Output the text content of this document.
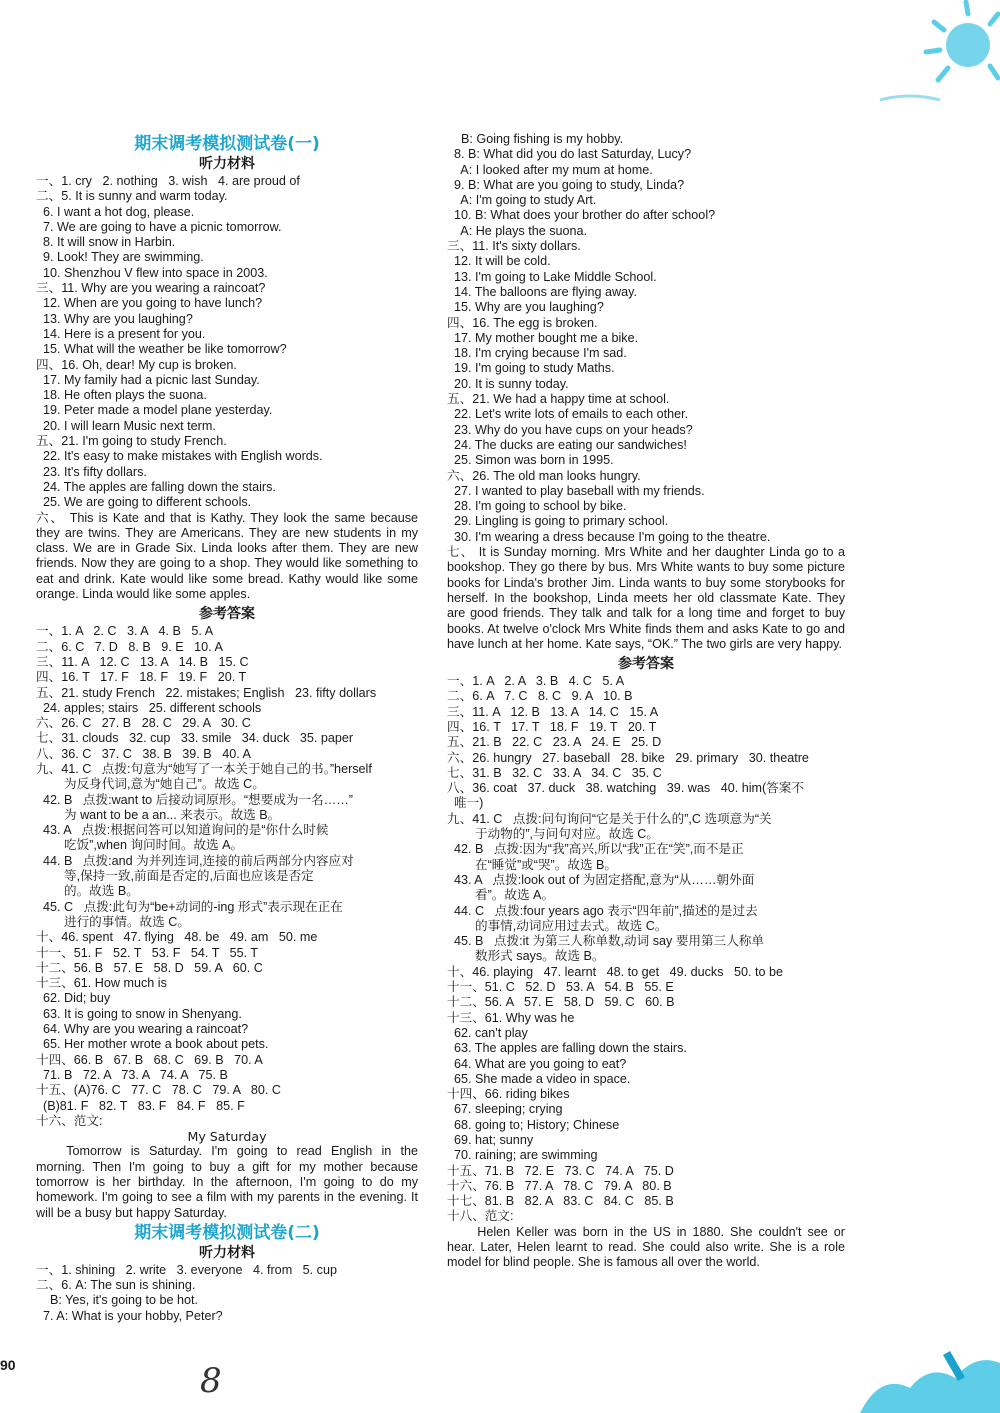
期末调考模拟测试卷(一)
听力材料
一、1. cry   2. nothing   3. wish   4. are proud of
二、5. It is sunny and warm today.
6. I want a hot dog, please.
7. We are going to have a picnic tomorrow.
8. It will snow in Harbin.
9. Look! They are swimming.
10. Shenzhou V flew into space in 2003.
三、11. Why are you wearing a raincoat?
12. When are you going to have lunch?
13. Why are you laughing?
14. Here is a present for you.
15. What will the weather be like tomorrow?
四、16. Oh, dear! My cup is broken.
17. My family had a picnic last Sunday.
18. He often plays the suona.
19. Peter made a model plane yesterday.
20. I will learn Music next term.
五、21. I'm going to study French.
22. It's easy to make mistakes with English words.
23. It's fifty dollars.
24. The apples are falling down the stairs.
25. We are going to different schools.
六、 This is Kate and that is Kathy. They look the same because they are twins. They are Americans. They are new students in my class. We are in Grade Six. Linda looks after them. They are new friends. Now they are going to a shop. They would like something to eat and drink. Kate would like some bread. Kathy would like some orange. Linda would like some apples.
参考答案
一、1. A   2. C   3. A   4. B   5. A
二、6. C   7. D   8. B   9. E   10. A
三、11. A   12. C   13. A   14. B   15. C
四、16. T   17. F   18. F   19. F   20. T
五、21. study French   22. mistakes; English   23. fifty dollars
24. apples; stairs   25. different schools
六、26. C   27. B   28. C   29. A   30. C
七、31. clouds   32. cup   33. smile   34. duck   35. paper
八、36. C   37. C   38. B   39. B   40. A
九、41. C   点拨:句意为“她写了一本关于她自己的书。”herself
为反身代词,意为“她自己”。故选 C。
42. B   点拨:want to 后接动词原形。“想要成为一名……”
为 want to be a an... 来表示。故选 B。
43. A   点拨:根据问答可以知道询问的是“你什么时候
吃饭”,when 询问时间。故选 A。
44. B   点拨:and 为并列连词,连接的前后两部分内容应对
等,保持一致,前面是否定的,后面也应该是否定
的。故选 B。
45. C   点拨:此句为“be+动词的-ing 形式”表示现在正在
进行的事情。故选 C。
十、46. spent   47. flying   48. be   49. am   50. me
十一、51. F   52. T   53. F   54. T   55. T
十二、56. B   57. E   58. D   59. A   60. C
十三、61. How much is
62. Did; buy
63. It is going to snow in Shenyang.
64. Why are you wearing a raincoat?
65. Her mother wrote a book about pets.
十四、66. B   67. B   68. C   69. B   70. A
71. B   72. A   73. A   74. A   75. B
十五、(A)76. C   77. C   78. C   79. A   80. C
(B)81. F   82. T   83. F   84. F   85. F
十六、范文:
My Saturday
Tomorrow is Saturday. I'm going to read English in the morning. Then I'm going to buy a gift for my mother because tomorrow is her birthday. In the afternoon, I'm going to do my homework. I'm going to see a film with my parents in the evening. It will be a busy but happy Saturday.
期末调考模拟测试卷(二)
听力材料
一、1. shining   2. write   3. everyone   4. from   5. cup
二、6. A: The sun is shining.
B: Yes, it's going to be hot.
7. A: What is your hobby, Peter?
B: Going fishing is my hobby.
8. B: What did you do last Saturday, Lucy?
A: I looked after my mum at home.
9. B: What are you going to study, Linda?
A: I'm going to study Art.
10. B: What does your brother do after school?
A: He plays the suona.
三、11. It's sixty dollars.
12. It will be cold.
13. I'm going to Lake Middle School.
14. The balloons are flying away.
15. Why are you laughing?
四、16. The egg is broken.
17. My mother bought me a bike.
18. I'm crying because I'm sad.
19. I'm going to study Maths.
20. It is sunny today.
五、21. We had a happy time at school.
22. Let's write lots of emails to each other.
23. Why do you have cups on your heads?
24. The ducks are eating our sandwiches!
25. Simon was born in 1995.
六、26. The old man looks hungry.
27. I wanted to play baseball with my friends.
28. I'm going to school by bike.
29. Lingling is going to primary school.
30. I'm wearing a dress because I'm going to the theatre.
七、 It is Sunday morning. Mrs White and her daughter Linda go to a bookshop. They go there by bus. Mrs White wants to buy some picture books for Linda's brother Jim. Linda wants to buy some storybooks for herself. In the bookshop, Linda meets her old classmate Kate. They are good friends. They talk and talk for a long time and forget to buy books. At twelve o'clock Mrs White finds them and asks Kate to go and have lunch at her home. Kate says, “OK.” The two girls are very happy.
参考答案
一、1. A   2. A   3. B   4. C   5. A
二、6. A   7. C   8. C   9. A   10. B
三、11. A   12. B   13. A   14. C   15. A
四、16. T   17. T   18. F   19. T   20. T
五、21. B   22. C   23. A   24. E   25. D
六、26. hungry   27. baseball   28. bike   29. primary   30. theatre
七、31. B   32. C   33. A   34. C   35. C
八、36. coat   37. duck   38. watching   39. was   40. him(答案不
唯一)
九、41. C   点拨:问句询问“它是关于什么的”,C 选项意为“关
于动物的”,与问句对应。故选 C。
42. B   点拨:因为“我”高兴,所以“我”正在“笑”,而不是正
在“睡觉”或“哭”。故选 B。
43. A   点拨:look out of 为固定搭配,意为“从……朝外面
看”。故选 A。
44. C   点拨:four years ago 表示“四年前”,描述的是过去
的事情,动词应用过去式。故选 C。
45. B   点拨:it 为第三人称单数,动词 say 要用第三人称单
数形式 says。故选 B。
十、46. playing   47. learnt   48. to get   49. ducks   50. to be
十一、51. C   52. D   53. A   54. B   55. E
十二、56. A   57. E   58. D   59. C   60. B
十三、61. Why was he
62. can't play
63. The apples are falling down the stairs.
64. What are you going to eat?
65. She made a video in space.
十四、66. riding bikes
67. sleeping; crying
68. going to; History; Chinese
69. hat; sunny
70. raining; are swimming
十五、71. B   72. E   73. C   74. A   75. D
十六、76. B   77. A   78. C   79. A   80. B
十七、81. B   82. A   83. C   84. C   85. B
十八、范文:
Helen Keller was born in the US in 1880. She couldn't see or hear. Later, Helen learnt to read. She could also write. She is a role model for blind people. She is famous all over the world.
90	8
